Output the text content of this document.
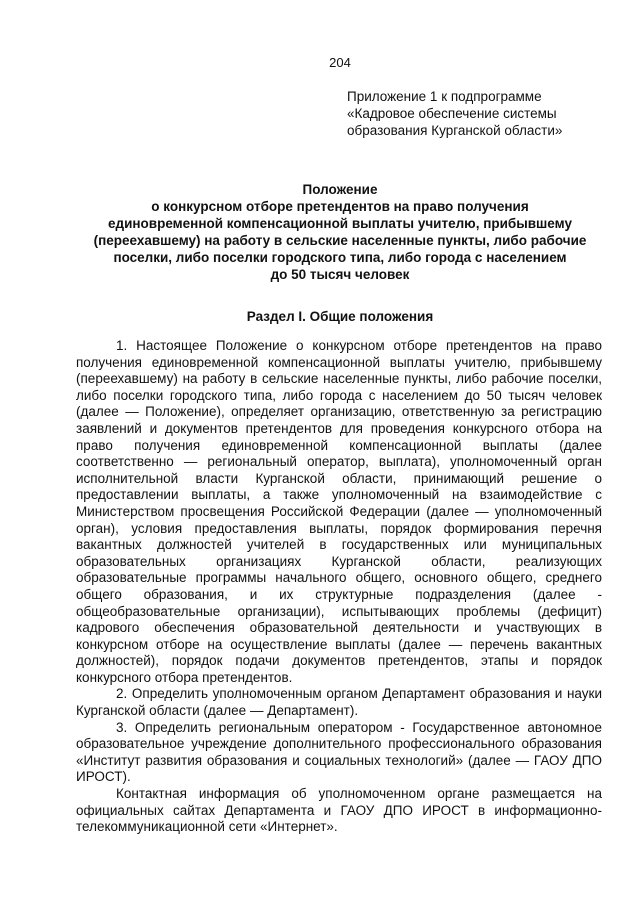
204
Приложение 1 к подпрограмме
«Кадровое обеспечение системы
образования Курганской области»
Положение
о конкурсном отборе претендентов на право получения
единовременной компенсационной выплаты учителю, прибывшему
(переехавшему) на работу в сельские населенные пункты, либо рабочие
поселки, либо поселки городского типа, либо города с населением
до 50 тысяч человек
Раздел I. Общие положения

1. Настоящее Положение о конкурсном отборе претендентов на право получения единовременной компенсационной выплаты учителю, прибывшему (переехавшему) на работу в сельские населенные пункты, либо рабочие поселки, либо поселки городского типа, либо города с населением до 50 тысяч человек (далее — Положение), определяет организацию, ответственную за регистрацию заявлений и документов претендентов для проведения конкурсного отбора на право получения единовременной компенсационной выплаты (далее соответственно — региональный оператор, выплата), уполномоченный орган исполнительной власти Курганской области, принимающий решение о предоставлении выплаты, а также уполномоченный на взаимодействие с Министерством просвещения Российской Федерации (далее — уполномоченный орган), условия предоставления выплаты, порядок формирования перечня вакантных должностей учителей в государственных или муниципальных образовательных организациях Курганской области, реализующих образовательные программы начального общего, основного общего, среднего общего образования, и их структурные подразделения (далее - общеобразовательные организации), испытывающих проблемы (дефицит) кадрового обеспечения образовательной деятельности и участвующих в конкурсном отборе на осуществление выплаты (далее — перечень вакантных должностей), порядок подачи документов претендентов, этапы и порядок конкурсного отбора претендентов.

2. Определить уполномоченным органом Департамент образования и науки Курганской области (далее — Департамент).

3. Определить региональным оператором - Государственное автономное образовательное учреждение дополнительного профессионального образования «Институт развития образования и социальных технологий» (далее — ГАОУ ДПО ИРОСТ).

Контактная информация об уполномоченном органе размещается на официальных сайтах Департамента и ГАОУ ДПО ИРОСТ в информационно-телекоммуникационной сети «Интернет».
